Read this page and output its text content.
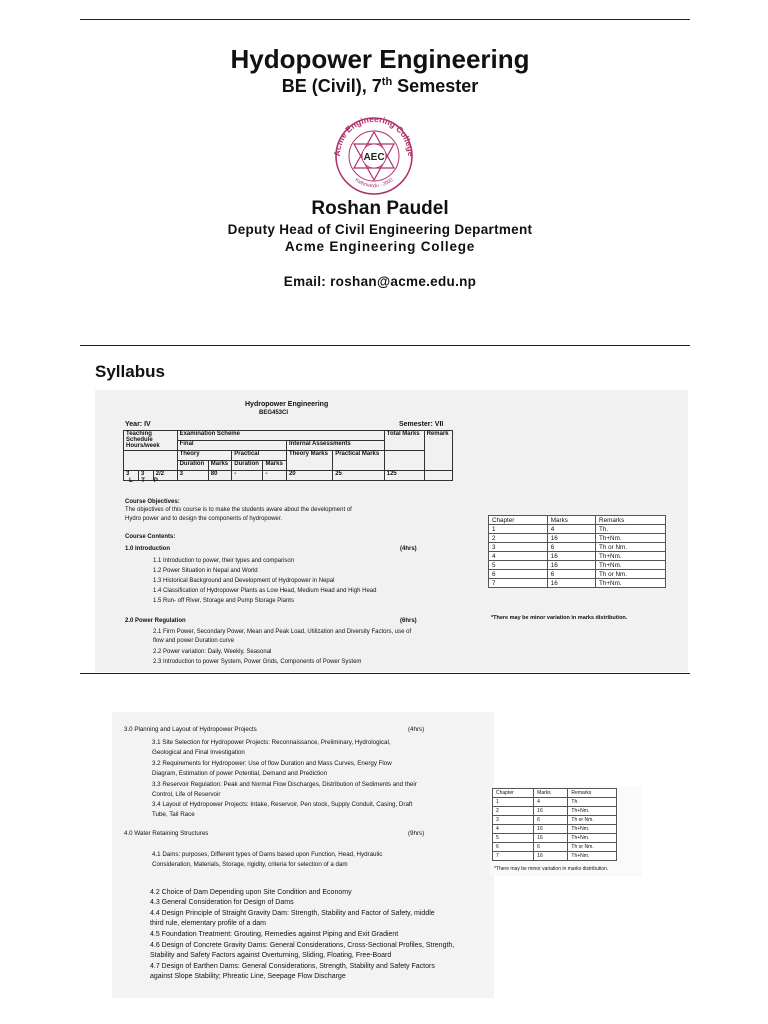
Hydopower Engineering
BE (Civil), 7th Semester
Acme Engineering College
AEC
Kathmandu - 2000
Roshan Paudel
Deputy Head of Civil Engineering Department
Acme Engineering College
Email: roshan@acme.edu.np
Syllabus
Hydropower Engineering
BEG453CI
Year: IV	Semester: VII
Teaching Schedule Hours/week			Examination Scheme						Total Marks	Remark
			Final				Internal Assessments			
			Theory		Practical		Theory Marks	Practical Marks		
			Duration	Marks	Duration	Marks				
3	3	2/2	3	80	-	-	20	25	125	
LTP
Course Objectives:
The objectives of this course is to make the students aware about the development of
Hydro power and to design the components of hydropower.
Course Contents:
1.0 Introduction	(4hrs)
1.1 Introduction to power, their types and comparison
1.2 Power Situation in Nepal and World
1.3 Historical Background and Development of Hydropower in Nepal
1.4 Classification of Hydropower Plants as Low Head, Medium Head and High Head
1.5 Run- off River, Storage and Pump Storage Plants
2.0 Power Regulation	(6hrs)
2.1 Firm Power, Secondary Power, Mean and Peak Load, Utilization and Diversity Factors, use of
flow and power Duration curve
2.2 Power variation: Daily, Weekly, Seasonal
2.3 Introduction to power System, Power Grids, Components of Power System
Chapter	Marks	Remarks
1	4	Th.
2	16	Th+Nm.
3	6	Th or Nm.
4	16	Th+Nm.
5	16	Th+Nm.
6	6	Th or Nm.
7	16	Th+Nm.
*There may be minor variation in marks distribution.
3.0 Planning and Layout of Hydropower Projects	(4hrs)
3.1 Site Selection for Hydropower Projects: Reconnaissance, Preliminary, Hydrological,
Geological and Final Investigation
3.2 Requirements for Hydropower: Use of flow Duration and Mass Curves, Energy Flow
Diagram, Estimation of power Potential, Demand and Prediction
3.3 Reservoir Regulation: Peak and Normal Flow Discharges, Distribution of Sediments and their
Control, Life of Reservoir
3.4 Layout of Hydropower Projects: Intake, Reservoir, Pen stock, Supply Conduit, Casing, Draft
Tube, Tail Race
4.0 Water Retaining Structures	(9hrs)
4.1 Dams: purposes, Different types of Dams based upon Function, Head, Hydraulic
Consideration, Materials, Storage, rigidity, criteria for selection of a dam
4.2 Choice of Dam Depending upon Site Condition and Economy
4.3 General Consideration for Design of Dams
4.4 Design Principle of Straight Gravity Dam: Strength, Stability and Factor of Safety, middle
third rule, elementary profile of a dam
4.5 Foundation Treatment: Grouting, Remedies against Piping and Exit Gradient
4.6 Design of Concrete Gravity Dams: General Considerations, Cross-Sectional Profiles, Strength,
Stability and Safety Factors against Overturning, Sliding, Floating, Free-Board
4.7 Design of Earthen Dams: General Considerations, Strength, Stability and Safety Factors
against Slope Stability; Phreatic Line, Seepage Flow Discharge
Chapter	Marks	Remarks
1	4	Th.
2	16	Th+Nm.
3	6	Th or Nm.
4	16	Th+Nm.
5	16	Th+Nm.
6	6	Th or Nm.
7	16	Th+Nm.
*There may be minor variation in marks distribution.
